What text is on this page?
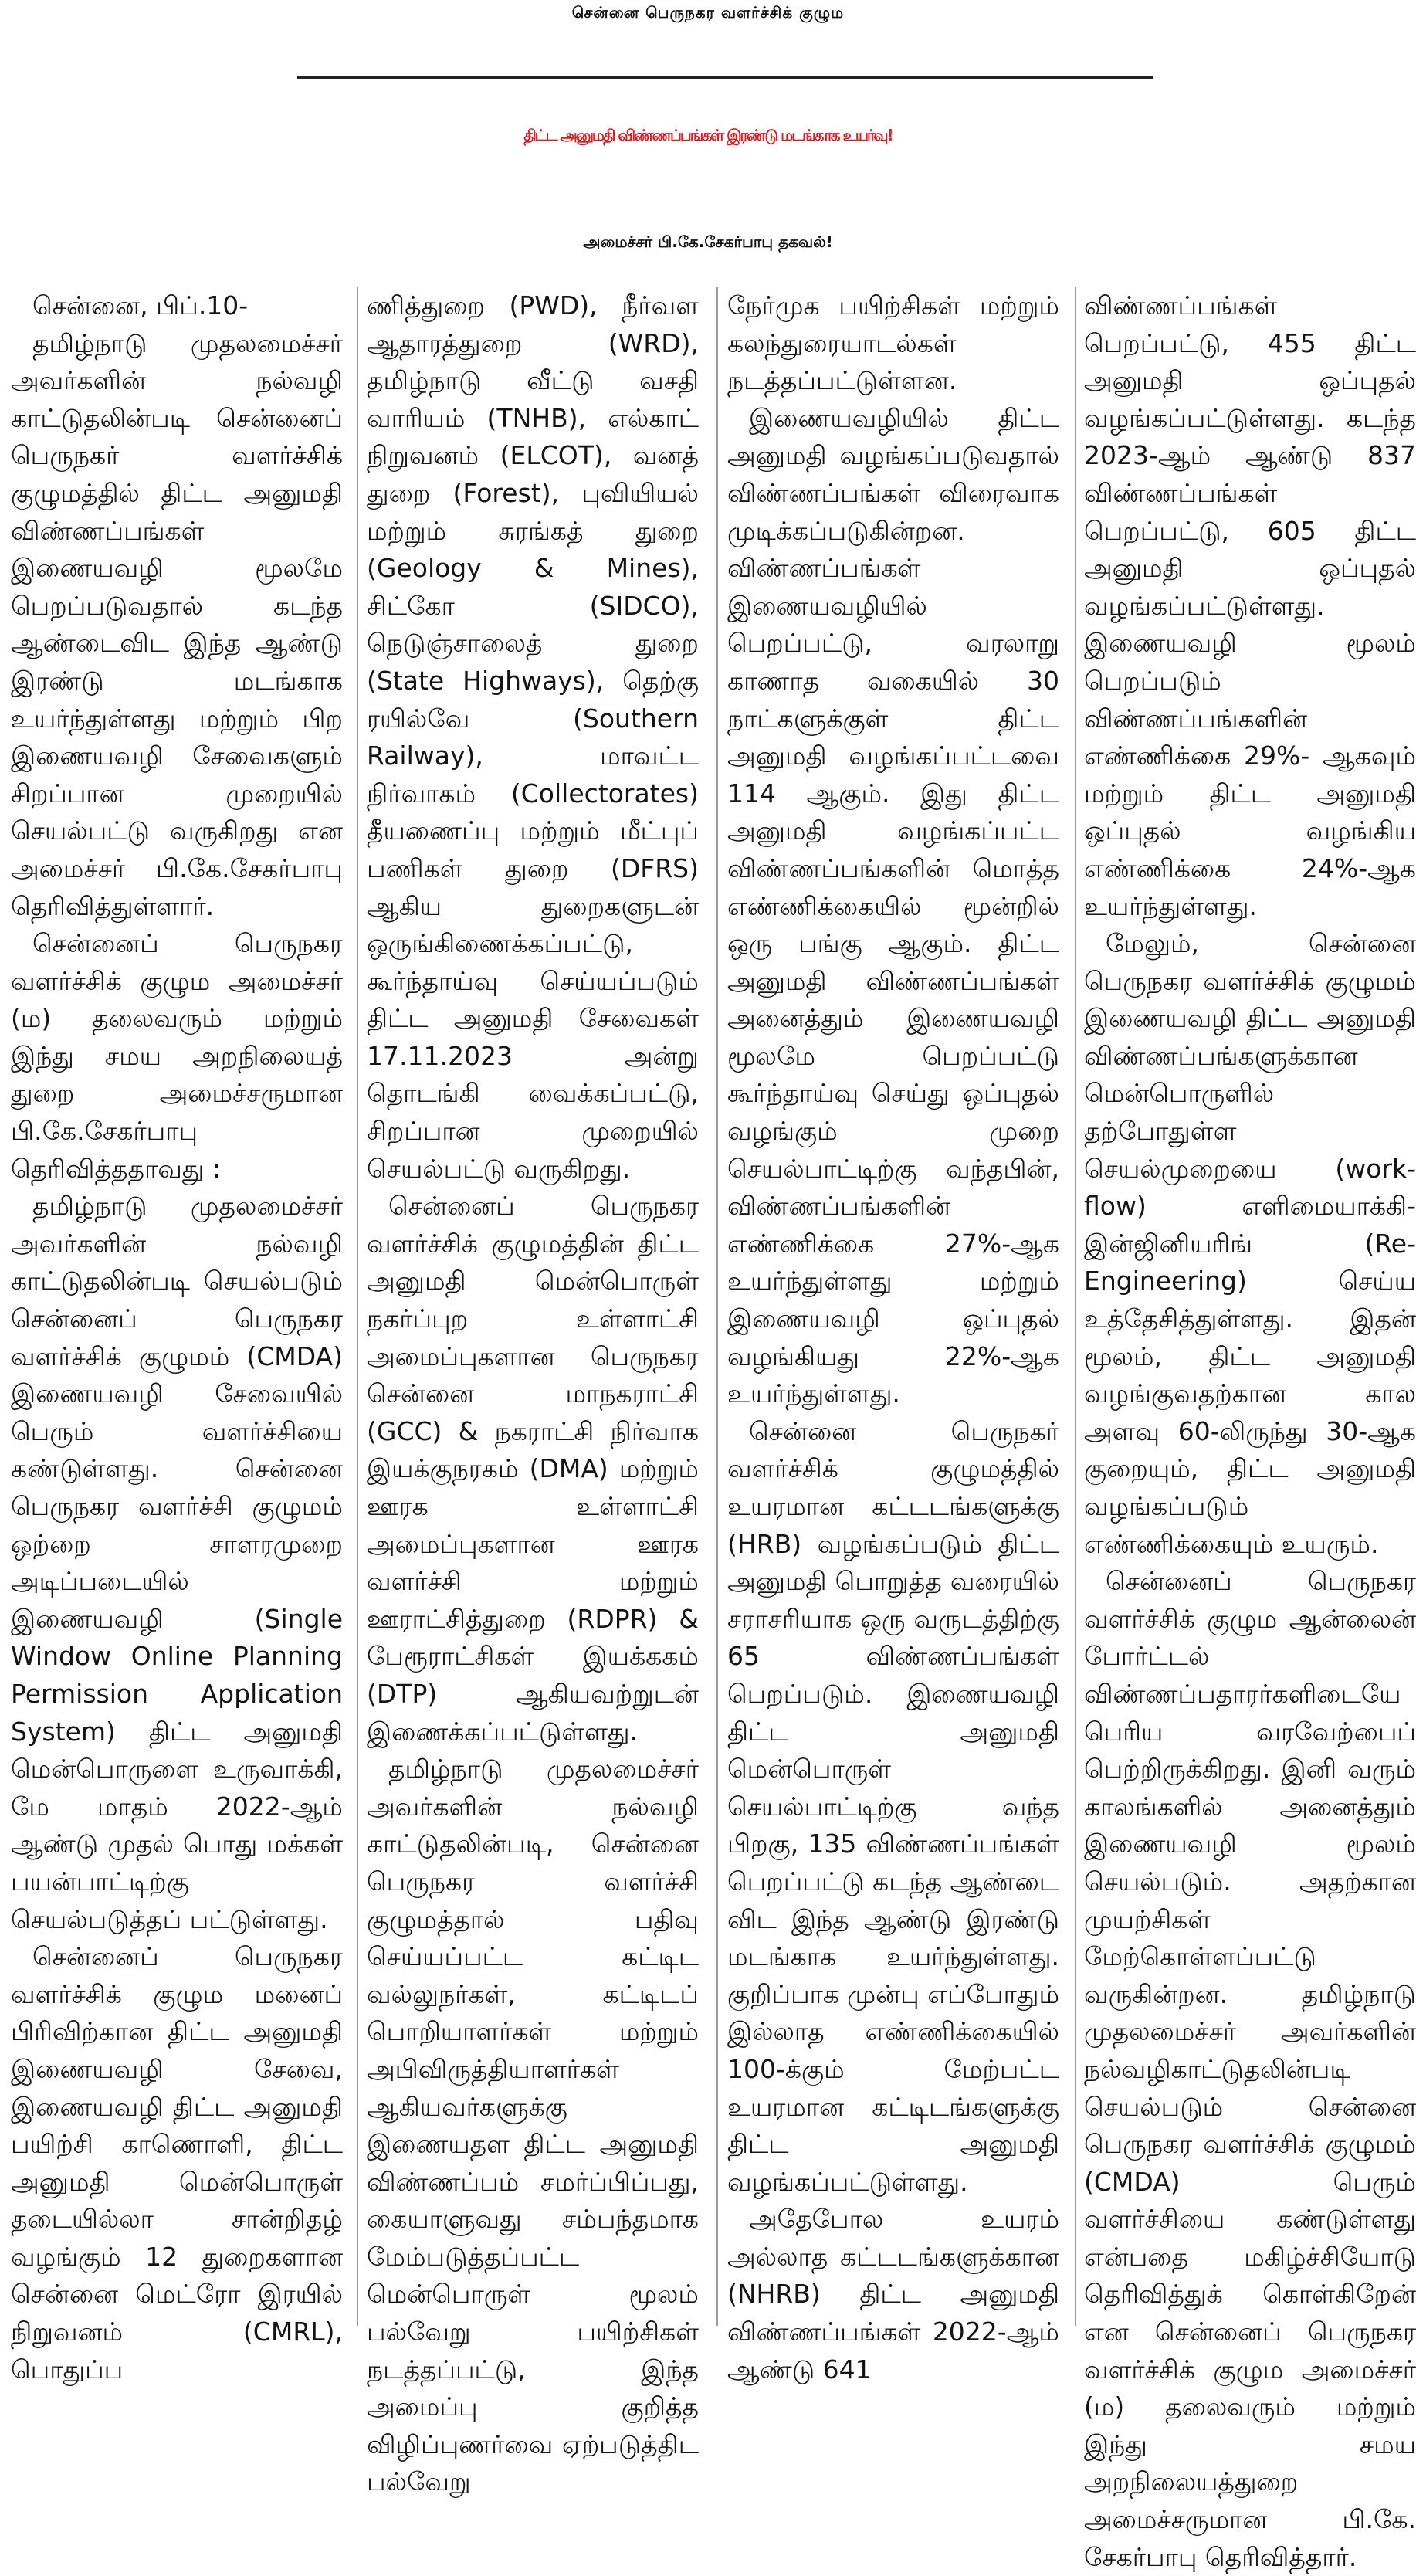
சென்னை பெருநகர வளர்ச்சிக் குழும
திட்ட அனுமதி விண்ணப்பங்கள் இரண்டு மடங்காக உயர்வு!
அமைச்சர் பி.கே.சேகர்பாபு தகவல்!

சென்னை, பிப்.10-

தமிழ்நாடு முதலமைச்சர் அவர்களின் நல்வழி காட்டுதலின்படி சென்னைப் பெருநகர் வளர்ச்சிக் குழுமத்தில் திட்ட அனுமதி விண்ணப்பங்கள் இணையவழி மூலமே பெறப்படுவதால் கடந்த ஆண்டைவிட இந்த ஆண்டு இரண்டு மடங்காக உயர்ந்துள்ளது மற்றும் பிற இணையவழி சேவைகளும் சிறப்பான முறையில் செயல்பட்டு வருகிறது என அமைச்சர் பி.கே.சேகர்பாபு தெரிவித்துள்ளார்.

சென்னைப் பெருநகர வளர்ச்சிக் குழும அமைச்சர் (ம) தலைவரும் மற்றும் இந்து சமய அறநிலையத் துறை அமைச்சருமான பி.கே.சேகர்பாபு தெரிவித்ததாவது :

தமிழ்நாடு முதலமைச்சர் அவர்களின் நல்வழி காட்டுதலின்படி செயல்படும் சென்னைப் பெருநகர வளர்ச்சிக் குழுமம் (CMDA) இணையவழி சேவையில் பெரும் வளர்ச்சியை கண்டுள்ளது. சென்னை பெருநகர வளர்ச்சி குழுமம் ஒற்றை சாளரமுறை அடிப்படையில் இணையவழி (Single Window Online Planning Permission Application System) திட்ட அனுமதி மென்பொருளை உருவாக்கி, மே மாதம் 2022-ஆம் ஆண்டு முதல் பொது மக்கள் பயன்பாட்டிற்கு செயல்படுத்தப் பட்டுள்ளது.

சென்னைப் பெருநகர வளர்ச்சிக் குழும மனைப் பிரிவிற்கான திட்ட அனுமதி இணையவழி சேவை, இணையவழி திட்ட அனுமதி பயிற்சி காணொளி, திட்ட அனுமதி மென்பொருள் தடையில்லா சான்றிதழ் வழங்கும் 12 துறைகளான சென்னை மெட்ரோ இரயில் நிறுவனம் (CMRL), பொதுப்ப

ணித்துறை (PWD), நீர்வள ஆதாரத்துறை (WRD), தமிழ்நாடு வீட்டு வசதி வாரியம் (TNHB), எல்காட் நிறுவனம் (ELCOT), வனத் துறை (Forest), புவியியல் மற்றும் சுரங்கத் துறை (Geology & Mines), சிட்கோ (SIDCO), நெடுஞ்சாலைத் துறை (State Highways), தெற்கு ரயில்வே (Southern Railway), மாவட்ட நிர்வாகம் (Collectorates) தீயணைப்பு மற்றும் மீட்புப் பணிகள் துறை (DFRS) ஆகிய துறைகளுடன் ஒருங்கிணைக்கப்பட்டு, கூர்ந்தாய்வு செய்யப்படும் திட்ட அனுமதி சேவைகள் 17.11.2023 அன்று தொடங்கி வைக்கப்பட்டு, சிறப்பான முறையில் செயல்பட்டு வருகிறது.

சென்னைப் பெருநகர வளர்ச்சிக் குழுமத்தின் திட்ட அனுமதி மென்பொருள் நகர்ப்புற உள்ளாட்சி அமைப்புகளான பெருநகர சென்னை மாநகராட்சி (GCC) & நகராட்சி நிர்வாக இயக்குநரகம் (DMA) மற்றும் ஊரக உள்ளாட்சி அமைப்புகளான ஊரக வளர்ச்சி மற்றும் ஊராட்சித்துறை (RDPR) & பேரூராட்சிகள் இயக்ககம் (DTP) ஆகியவற்றுடன் இணைக்கப்பட்டுள்ளது.

தமிழ்நாடு முதலமைச்சர் அவர்களின் நல்வழி காட்டுதலின்படி, சென்னை பெருநகர வளர்ச்சி குழுமத்தால் பதிவு செய்யப்பட்ட கட்டிட வல்லுநர்கள், கட்டிடப் பொறியாளர்கள் மற்றும் அபிவிருத்தியாளர்கள் ஆகியவர்களுக்கு இணையதள திட்ட அனுமதி விண்ணப்பம் சமர்ப்பிப்பது, கையாளுவது சம்பந்தமாக மேம்படுத்தப்பட்ட மென்பொருள் மூலம் பல்வேறு பயிற்சிகள் நடத்தப்பட்டு, இந்த அமைப்பு குறித்த விழிப்புணர்வை ஏற்படுத்திட பல்வேறு

நேர்முக பயிற்சிகள் மற்றும் கலந்துரையாடல்கள் நடத்தப்பட்டுள்ளன.

இணையவழியில் திட்ட அனுமதி வழங்கப்படுவதால் விண்ணப்பங்கள் விரைவாக முடிக்கப்படுகின்றன. விண்ணப்பங்கள் இணையவழியில் பெறப்பட்டு, வரலாறு காணாத வகையில் 30 நாட்களுக்குள் திட்ட அனுமதி வழங்கப்பட்டவை 114 ஆகும். இது திட்ட அனுமதி வழங்கப்பட்ட விண்ணப்பங்களின் மொத்த எண்ணிக்கையில் மூன்றில் ஒரு பங்கு ஆகும். திட்ட அனுமதி விண்ணப்பங்கள் அனைத்தும் இணையவழி மூலமே பெறப்பட்டு கூர்ந்தாய்வு செய்து ஒப்புதல் வழங்கும் முறை செயல்பாட்டிற்கு வந்தபின், விண்ணப்பங்களின் எண்ணிக்கை 27%-ஆக உயர்ந்துள்ளது மற்றும் இணையவழி ஒப்புதல் வழங்கியது 22%-ஆக உயர்ந்துள்ளது.

சென்னை பெருநகர் வளர்ச்சிக் குழுமத்தில் உயரமான கட்டடங்களுக்கு (HRB) வழங்கப்படும் திட்ட அனுமதி பொறுத்த வரையில் சராசரியாக ஒரு வருடத்திற்கு 65 விண்ணப்பங்கள் பெறப்படும். இணையவழி திட்ட அனுமதி மென்பொருள் செயல்பாட்டிற்கு வந்த பிறகு, 135 விண்ணப்பங்கள் பெறப்பட்டு கடந்த ஆண்டை விட இந்த ஆண்டு இரண்டு மடங்காக உயர்ந்துள்ளது. குறிப்பாக முன்பு எப்போதும் இல்லாத எண்ணிக்கையில் 100-க்கும் மேற்பட்ட உயரமான கட்டிடங்களுக்கு திட்ட அனுமதி வழங்கப்பட்டுள்ளது.

அதேபோல உயரம் அல்லாத கட்டடங்களுக்கான (NHRB) திட்ட அனுமதி விண்ணப்பங்கள் 2022-ஆம் ஆண்டு 641

விண்ணப்பங்கள் பெறப்பட்டு, 455 திட்ட அனுமதி ஒப்புதல் வழங்கப்பட்டுள்ளது. கடந்த 2023-ஆம் ஆண்டு 837 விண்ணப்பங்கள் பெறப்பட்டு, 605 திட்ட அனுமதி ஒப்புதல் வழங்கப்பட்டுள்ளது. இணையவழி மூலம் பெறப்படும் விண்ணப்பங்களின் எண்ணிக்கை 29%- ஆகவும் மற்றும் திட்ட அனுமதி ஒப்புதல் வழங்கிய எண்ணிக்கை 24%-ஆக உயர்ந்துள்ளது.

மேலும், சென்னை பெருநகர வளர்ச்சிக் குழுமம் இணையவழி திட்ட அனுமதி விண்ணப்பங்களுக்கான மென்பொருளில் தற்போதுள்ள செயல்முறையை (work-flow) எளிமையாக்கி-இன்ஜினியரிங் (Re-Engineering) செய்ய உத்தேசித்துள்ளது. இதன் மூலம், திட்ட அனுமதி வழங்குவதற்கான கால அளவு 60-லிருந்து 30-ஆக குறையும், திட்ட அனுமதி வழங்கப்படும் எண்ணிக்கையும் உயரும்.

சென்னைப் பெருநகர வளர்ச்சிக் குழும ஆன்லைன் போர்ட்டல் விண்ணப்பதாரர்களிடையே பெரிய வரவேற்பைப் பெற்றிருக்கிறது. இனி வரும் காலங்களில் அனைத்தும் இணையவழி மூலம் செயல்படும். அதற்கான முயற்சிகள் மேற்கொள்ளப்பட்டு வருகின்றன. தமிழ்நாடு முதலமைச்சர் அவர்களின் நல்வழிகாட்டுதலின்படி செயல்படும் சென்னை பெருநகர வளர்ச்சிக் குழுமம் (CMDA) பெரும் வளர்ச்சியை கண்டுள்ளது என்பதை மகிழ்ச்சியோடு தெரிவித்துக் கொள்கிறேன் என சென்னைப் பெருநகர வளர்ச்சிக் குழும அமைச்சர் (ம) தலைவரும் மற்றும் இந்து சமய அறநிலையத்துறை அமைச்சருமான பி.கே. சேகர்பாபு தெரிவித்தார்.
